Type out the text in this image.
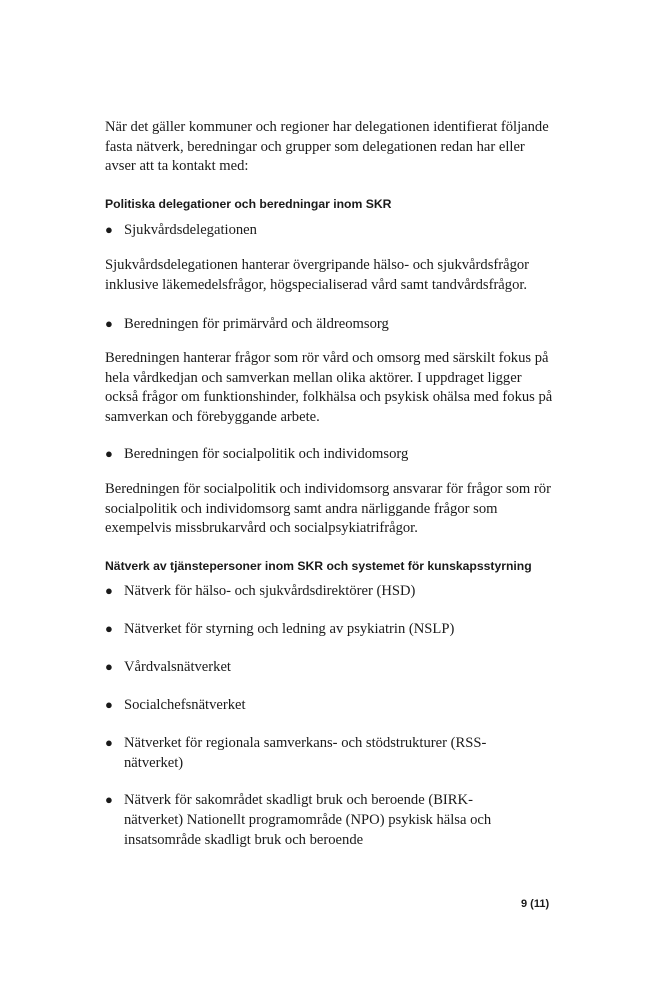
När det gäller kommuner och regioner har delegationen identifierat följande fasta nätverk, beredningar och grupper som delegationen redan har eller avser att ta kontakt med:

Politiska delegationer och beredningar inom SKR
● Sjukvårdsdelegationen

Sjukvårdsdelegationen hanterar övergripande hälso- och sjukvårdsfrågor inklusive läkemedelsfrågor, högspecialiserad vård samt tandvårdsfrågor.

● Beredningen för primärvård och äldreomsorg

Beredningen hanterar frågor som rör vård och omsorg med särskilt fokus på hela vårdkedjan och samverkan mellan olika aktörer. I uppdraget ligger också frågor om funktionshinder, folkhälsa och psykisk ohälsa med fokus på samverkan och förebyggande arbete.

● Beredningen för socialpolitik och individomsorg

Beredningen för socialpolitik och individomsorg ansvarar för frågor som rör socialpolitik och individomsorg samt andra närliggande frågor som exempelvis missbrukarvård och socialpsykiatrifrågor.

Nätverk av tjänstepersoner inom SKR och systemet för kunskapsstyrning
● Nätverk för hälso- och sjukvårdsdirektörer (HSD)
● Nätverket för styrning och ledning av psykiatrin (NSLP)
● Vårdvalsnätverket
● Socialchefsnätverket
● Nätverket för regionala samverkans- och stödstrukturer (RSS-nätverket)
● Nätverk för sakområdet skadligt bruk och beroende (BIRK-nätverket) Nationellt programområde (NPO) psykisk hälsa och insatsområde skadligt bruk och beroende
9 (11)
